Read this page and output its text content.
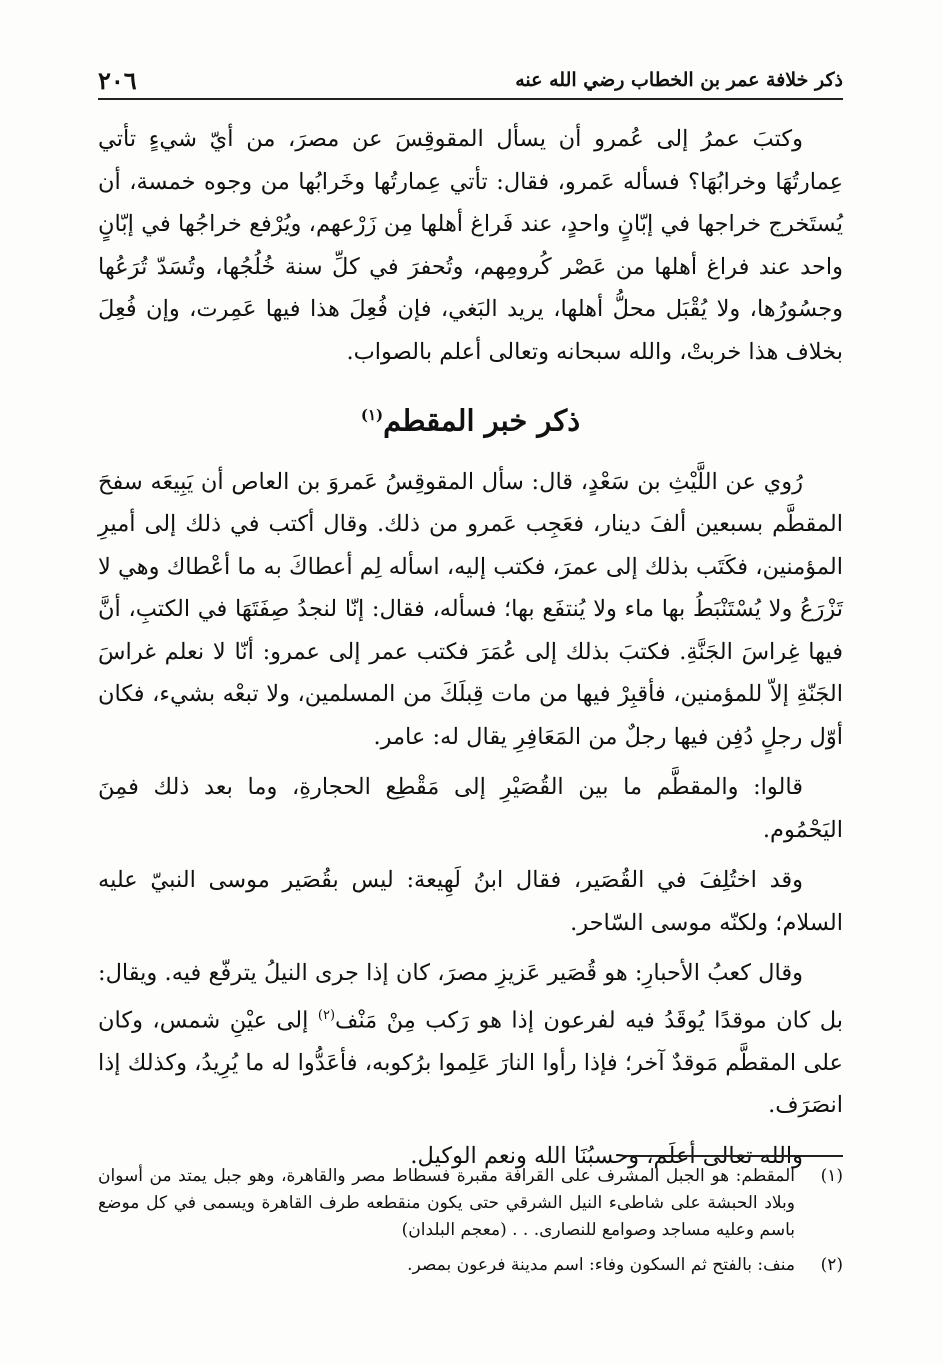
ذكر خلافة عمر بن الخطاب رضي الله عنه
٢٠٦

وكتبَ عمرُ إلى عُمرو أن يسأل المقوقِسَ عن مصرَ، من أيّ شيءٍ تأتي عِمارتُهَا وخرابُهَا؟ فسأله عَمرو، فقال: تأتي عِمارتُها وخَرابُها من وجوه خمسة، أن يُستَخرج خراجها في إبّانٍ واحدٍ، عند فَراغ أهلها مِن زَرْعهم، ويُرْفع خراجُها في إبّانٍ واحد عند فراغ أهلها من عَصْر كُرومِهم، وتُحفرَ في كلِّ سنة خُلُجُها، وتُسَدّ تُرَعُها وجسُورُها، ولا يُقْبَل محلُّ أهلها، يريد البَغي، فإن فُعِلَ هذا فيها عَمِرت، وإن فُعِلَ بخلاف هذا خربتْ، والله سبحانه وتعالى أعلم بالصواب.

ذكر خبر المقطم$^{(١)}$

رُوي عن اللَّيْثِ بن سَعْدٍ، قال: سأل المقوقِسُ عَمروَ بن العاص أن يَبِيعَه سفحَ المقطَّم بسبعين ألفَ دينار، فعَجِب عَمرو من ذلك. وقال أكتب في ذلك إلى أميرِ المؤمنين، فكَتَب بذلك إلى عمرَ، فكتب إليه، اسأله لِم أعطاكَ به ما أعْطاك وهي لا تَزْرَعُ ولا يُسْتَنْبَطُ بها ماء ولا يُنتفَع بها؛ فسأله، فقال: إنّا لنجدُ صِفَتَهَا في الكتبِ، أنَّ فيها غِراسَ الجَنَّةِ. فكتبَ بذلك إلى عُمَرَ فكتب عمر إلى عمرو: أنّا لا نعلم غراسَ الجَنّةِ إلاّ للمؤمنين، فأقبِرْ فيها من مات قِبلَكَ من المسلمين، ولا تبعْه بشيء، فكان أوّل رجلٍ دُفِن فيها رجلٌ من المَعَافِرِ يقال له: عامر.

قالوا: والمقطَّم ما بين القُصَيْرِ إلى مَقْطِع الحجارةِ، وما بعد ذلك فمِنَ اليَحْمُوم.

وقد اختُلِفَ في القُصَير، فقال ابنُ لَهِيعة: ليس بقُصَير موسى النبيّ عليه السلام؛ ولكنّه موسى السّاحر.

وقال كعبُ الأحبارِ: هو قُصَير عَزيزِ مصرَ، كان إذا جرى النيلُ يترفّع فيه. ويقال: بل كان موقدًا يُوقَدُ فيه لفرعون إذا هو رَكب مِنْ مَنْف$^{(٢)}$ إلى عيْنِ شمس، وكان على المقطَّم مَوقدٌ آخر؛ فإذا رأوا النارَ عَلِموا برُكوبه، فأعَدُّوا له ما يُرِيدُ، وكذلك إذا انصَرَف.

والله تعالى أعلَم، وحسبُنَا الله ونعم الوكيل.

(١)
المقطم: هو الجبل المشرف على القرافة مقبرة فسطاط مصر والقاهرة، وهو جبل يمتد من أسوان وبلاد الحبشة على شاطىء النيل الشرقي حتى يكون منقطعه طرف القاهرة ويسمى في كل موضع باسم وعليه مساجد وصوامع للنصارى. . . (معجم البلدان)
(٢)
منف: بالفتح ثم السكون وفاء: اسم مدينة فرعون بمصر.
